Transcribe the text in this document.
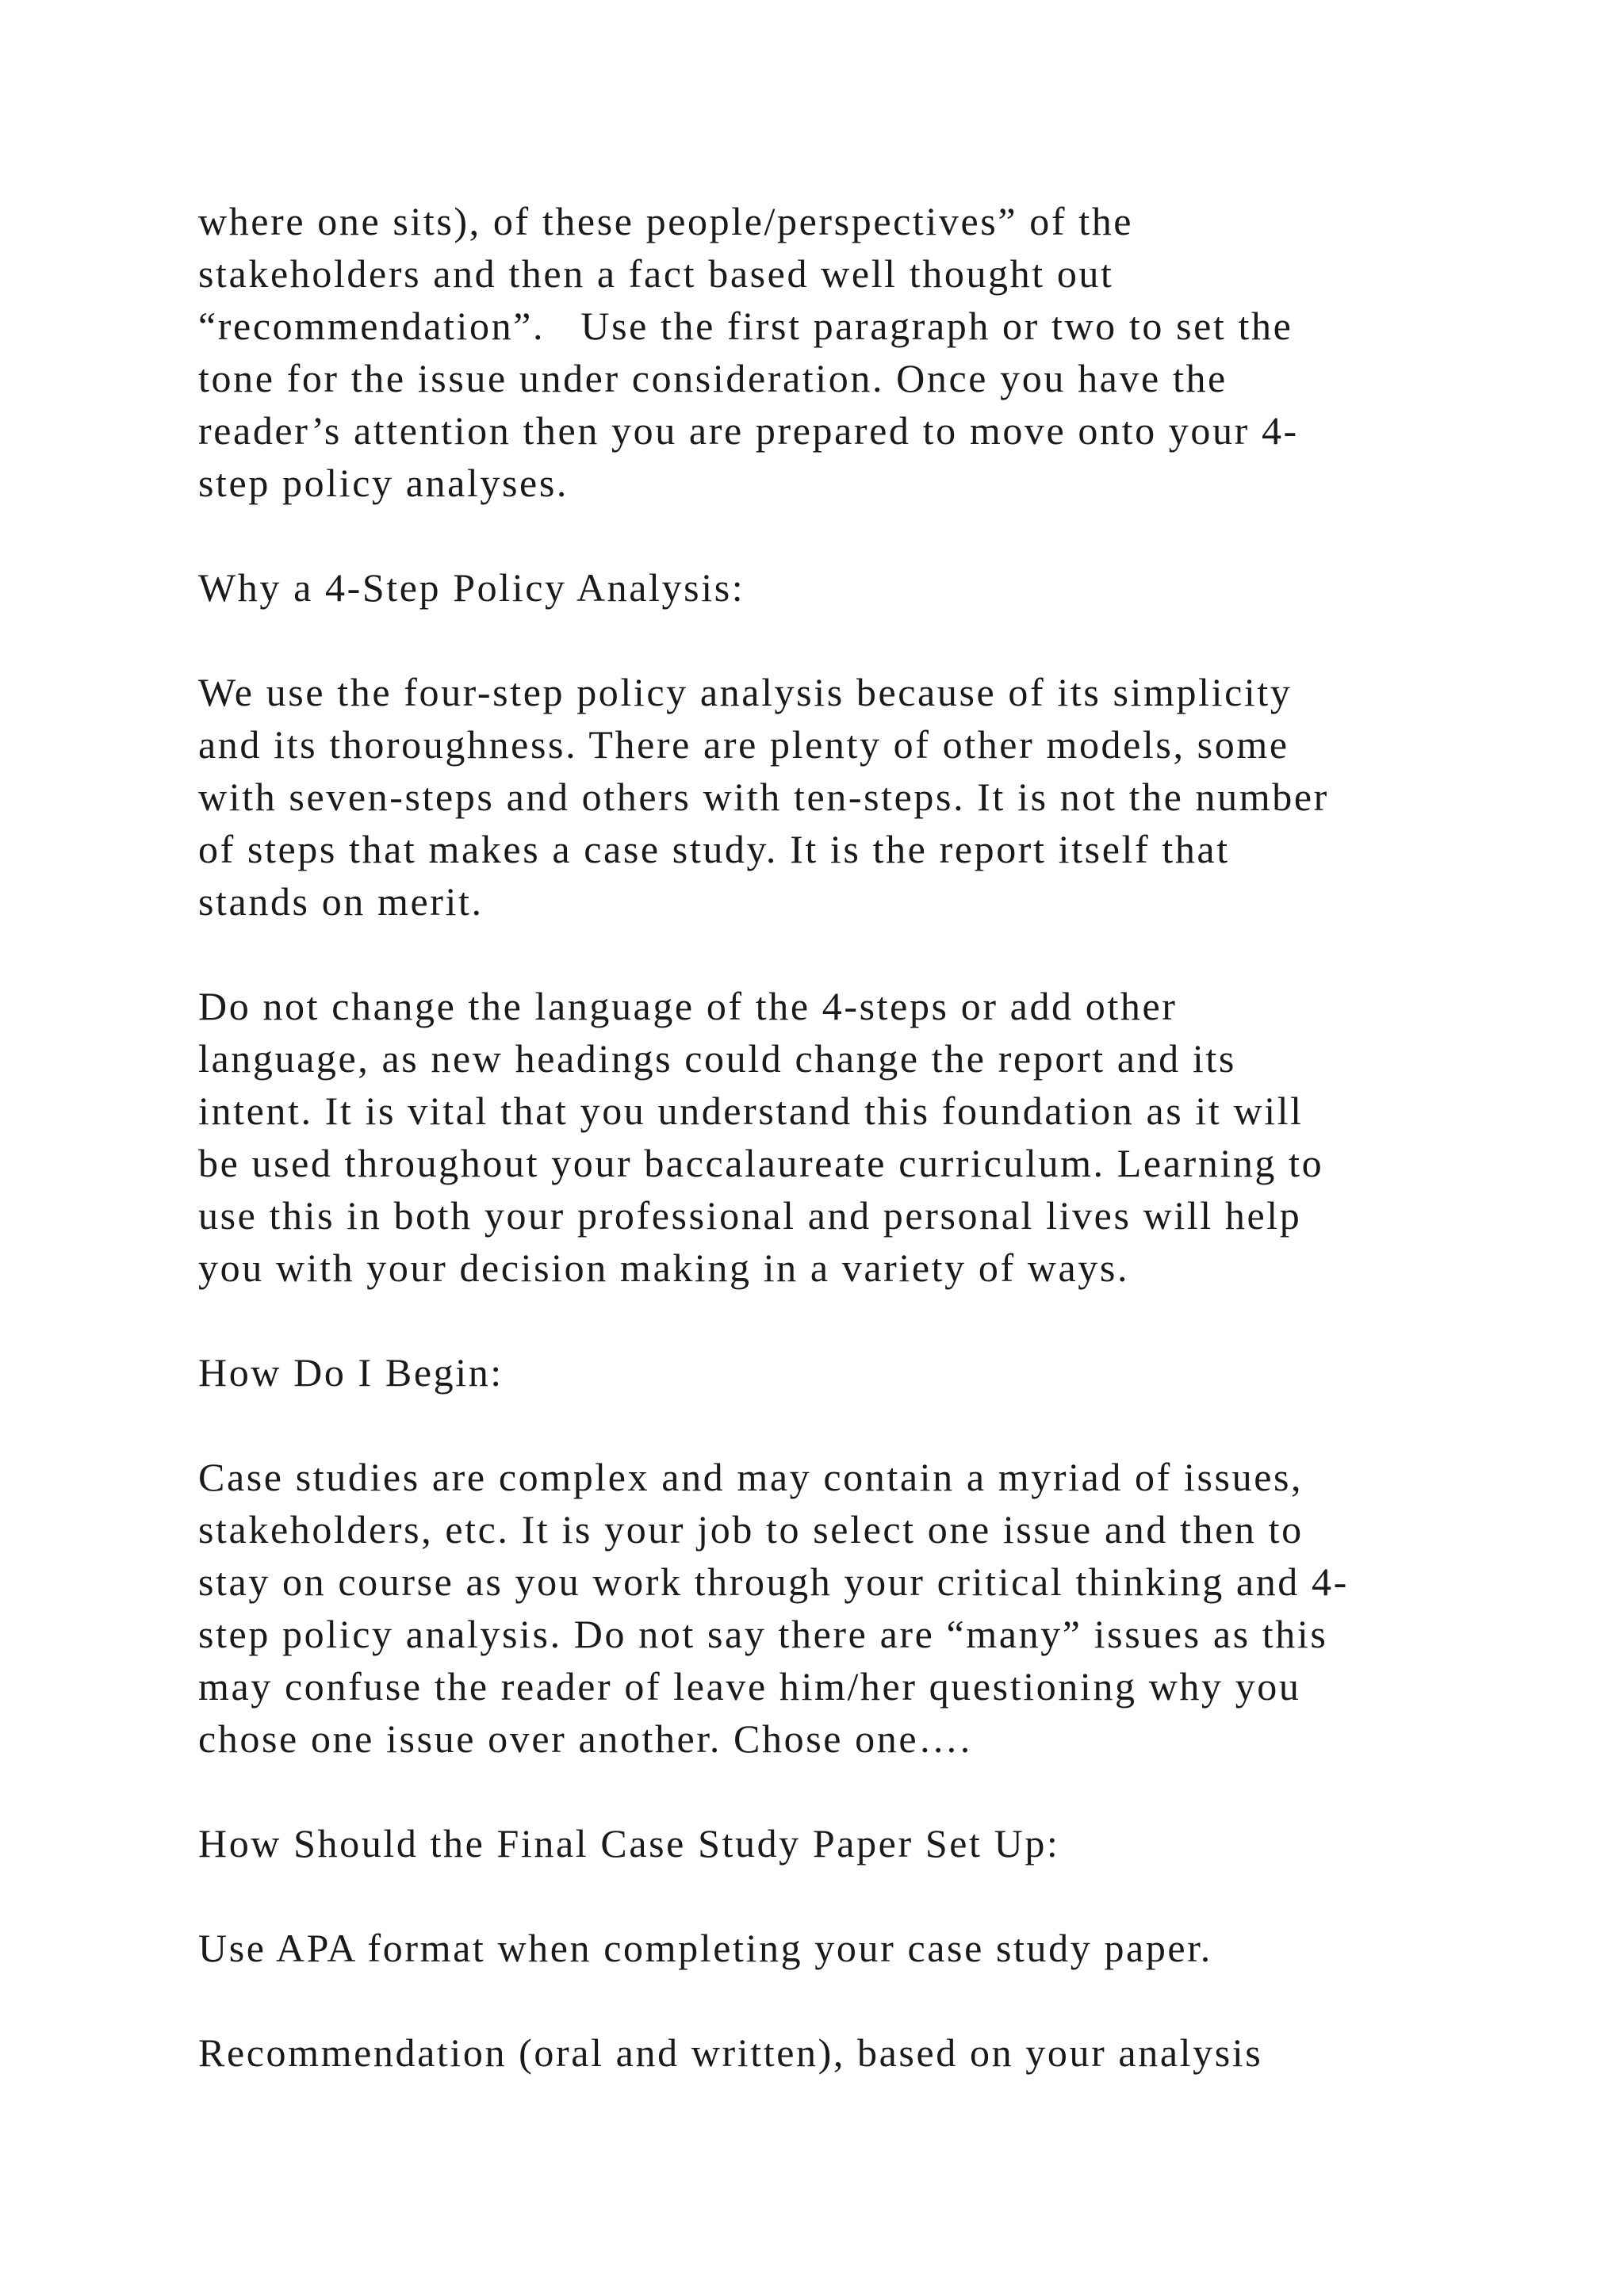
where one sits), of these people/perspectives” of the
stakeholders and then a fact based well thought out
“recommendation”.   Use the first paragraph or two to set the
tone for the issue under consideration. Once you have the
reader’s attention then you are prepared to move onto your 4-
step policy analyses.
Why a 4-Step Policy Analysis:
We use the four-step policy analysis because of its simplicity
and its thoroughness. There are plenty of other models, some
with seven-steps and others with ten-steps. It is not the number
of steps that makes a case study. It is the report itself that
stands on merit.
Do not change the language of the 4-steps or add other
language, as new headings could change the report and its
intent. It is vital that you understand this foundation as it will
be used throughout your baccalaureate curriculum. Learning to
use this in both your professional and personal lives will help
you with your decision making in a variety of ways.
How Do I Begin:
Case studies are complex and may contain a myriad of issues,
stakeholders, etc. It is your job to select one issue and then to
stay on course as you work through your critical thinking and 4-
step policy analysis. Do not say there are “many” issues as this
may confuse the reader of leave him/her questioning why you
chose one issue over another. Chose one….
How Should the Final Case Study Paper Set Up:
Use APA format when completing your case study paper.
Recommendation (oral and written), based on your analysis
